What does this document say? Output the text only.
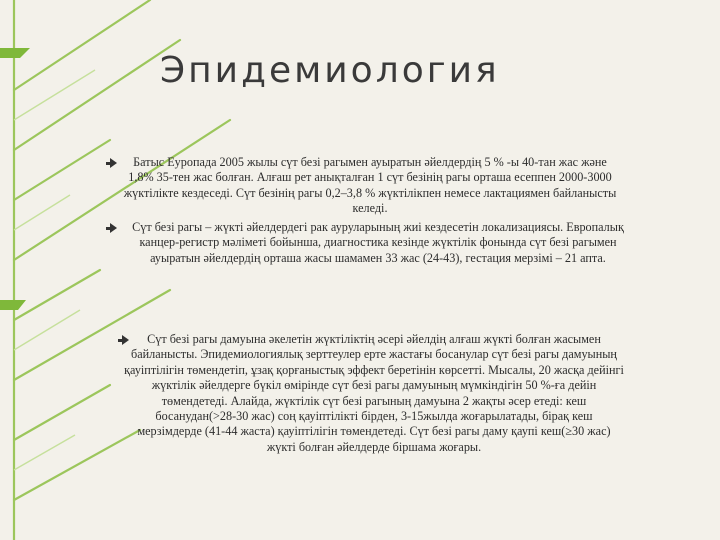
Эпидемиология
Батыс Еуропада 2005 жылы сүт безі рагымен ауыратын әйелдердің 5 % -ы 40-тан жас және 1,8% 35-тен жас болған. Алғаш рет анықталған 1 сүт безінің рагы орташа есеппен 2000-3000 жүктілікте кездеседі. Сүт безінің рагы 0,2–3,8 % жүктілікпен немесе лактациямен байланысты келеді.
Сүт безі рагы – жүкті әйелдердегі рак ауруларының жиі кездесетін локализациясы. Европалық канцер-регистр мәліметі бойынша, диагностика кезінде жүктілік фонында сүт безі рагымен ауыратын әйелдердің орташа жасы шамамен 33 жас (24-43), гестация мерзімі – 21 апта.
Сүт безі рагы дамуына әкелетін жүктіліктің әсері әйелдің алғаш жүкті болған жасымен байланысты. Эпидемиологиялық зерттеулер ерте жастағы босанулар сүт безі рагы дамуының қауіптілігін төмендетіп, ұзақ қорғаныстық эффект беретінін көрсетті. Мысалы, 20 жасқа дейінгі жүктілік әйелдерге бүкіл өмірінде сүт безі рагы дамуының мүмкіндігін 50 %-ға дейін төмендетеді. Алайда, жүктілік сүт безі рагының дамуына 2 жақты әсер етеді: кеш босанудан(>28-30 жас) соң қауіптілікті бірден, 3-15жылда жоғарылатады, бірақ кеш мерзімдерде (41-44 жаста) қауіптілігін төмендетеді. Сүт безі рагы даму қаупі кеш(≥30 жас) жүкті болған әйелдерде біршама жоғары.
